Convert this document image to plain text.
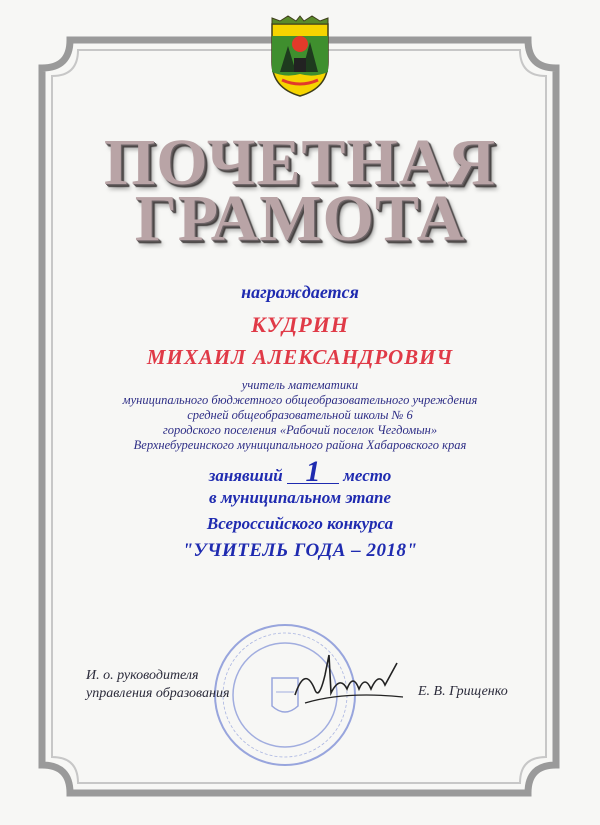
ПОЧЕТНАЯ
ГРАМОТА
награждается
КУДРИН
МИХАИЛ АЛЕКСАНДРОВИЧ
учитель математики
муниципального бюджетного общеобразовательного учреждения
средней общеобразовательной школы № 6
городского поселения «Рабочий поселок Чегдомын»
Верхнебуреинского муниципального района Хабаровского края
занявший 1 место
в муниципальном этапе
Всероссийского конкурса
"УЧИТЕЛЬ ГОДА – 2018"
И. о. руководителя
управления образования	Е. В. Грищенко
